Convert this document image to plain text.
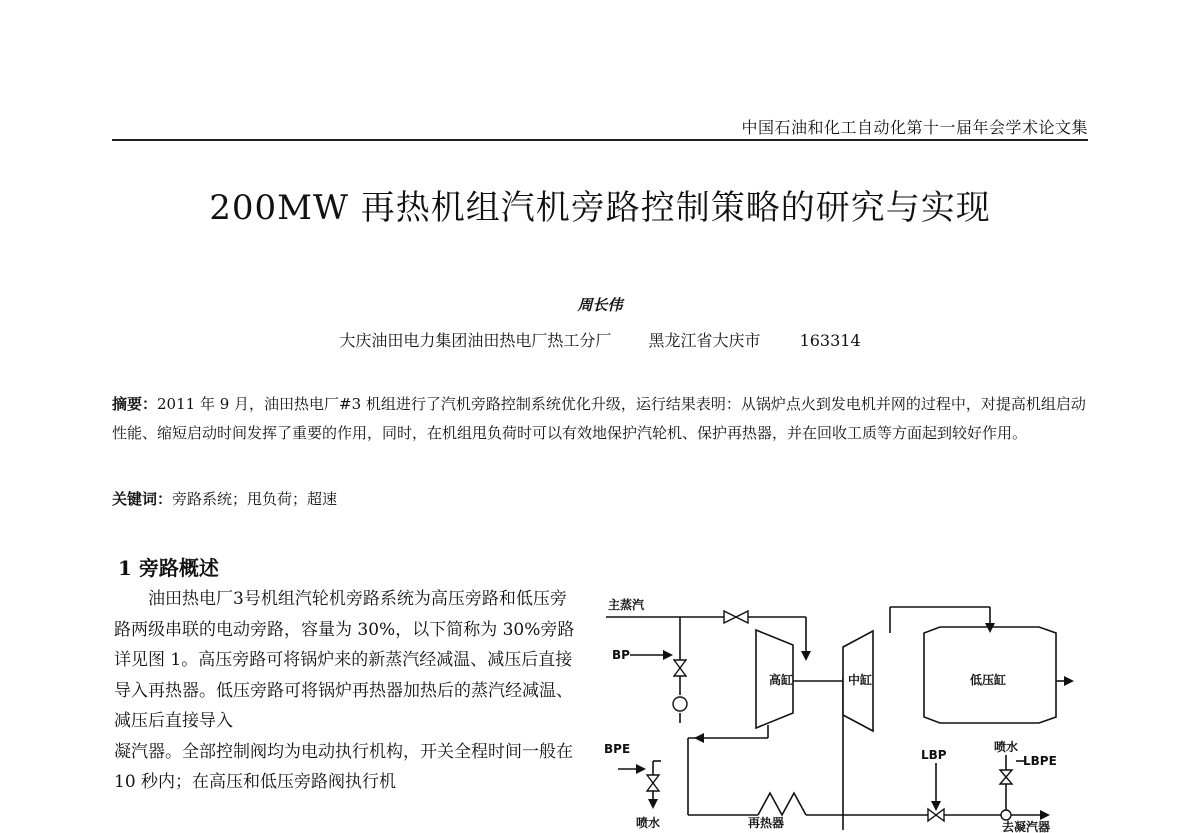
中国石油和化工自动化第十一届年会学术论文集
200MW 再热机组汽机旁路控制策略的研究与实现
周长伟
大庆油田电力集团油田热电厂热工分厂 黑龙江省大庆市 163314
摘要：2011 年 9 月，油田热电厂#3 机组进行了汽机旁路控制系统优化升级，运行结果表明：从锅炉点火到发电机并网的过程中，对提高机组启动性能、缩短启动时间发挥了重要的作用，同时，在机组甩负荷时可以有效地保护汽轮机、保护再热器，并在回收工质等方面起到较好作用。
关键词：旁路系统；甩负荷；超速
1 旁路概述

油田热电厂3号机组汽轮机旁路系统为高压旁路和低压旁路两级串联的电动旁路，容量为 30%，以下简称为 30%旁路详见图 1。高压旁路可将锅炉来的新蒸汽经减温、减压后直接导入再热器。低压旁路可将锅炉再热器加热后的蒸汽经减温、减压后直接导入

凝汽器。全部控制阀均为电动执行机构，开关全程时间一般在 10 秒内；在高压和低压旁路阀执行机

主蒸汽
BP
BPE
高缸	中缸	低压缸
LBP
喷水
LBPE
喷水	再热器	去凝汽器
